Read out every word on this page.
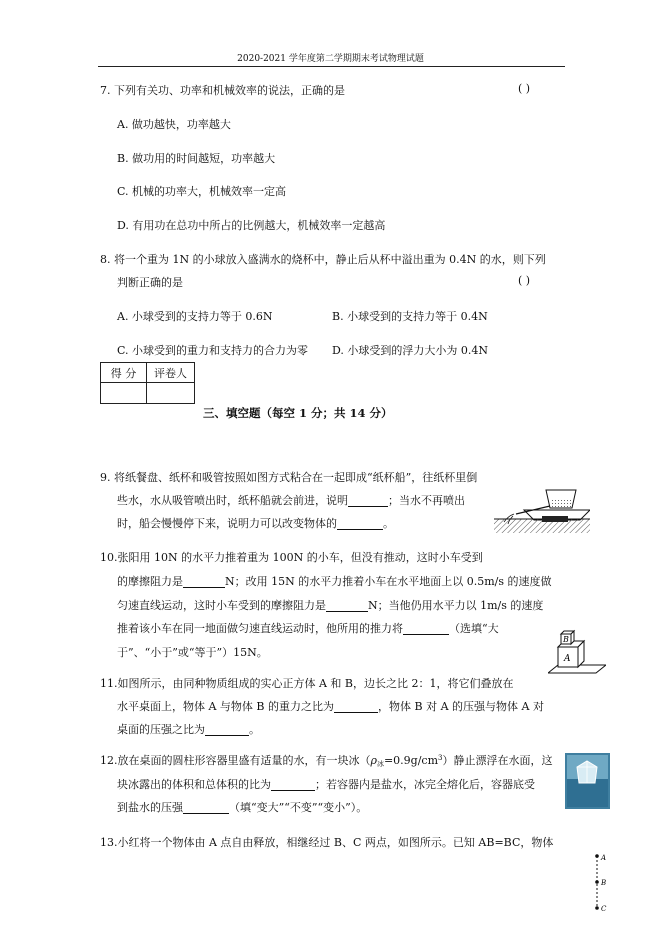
2020-2021 学年度第二学期期末考试物理试题
7. 下列有关功、功率和机械效率的说法，正确的是	( )
A. 做功越快，功率越大
B. 做功用的时间越短，功率越大
C. 机械的功率大，机械效率一定高
D. 有用功在总功中所占的比例越大，机械效率一定越高
8. 将一个重为 1N 的小球放入盛满水的烧杯中，静止后从杯中溢出重为 0.4N 的水，则下列
判断正确的是	( )
A. 小球受到的支持力等于 0.6N	B. 小球受到的支持力等于 0.4N
C. 小球受到的重力和支持力的合力为零 D. 小球受到的浮力大小为 0.4N
得 分	评卷人

三、填空题（每空 1 分；共 14 分）
9. 将纸餐盘、纸杯和吸管按照如图方式粘合在一起即成“纸杯船”，往纸杯里倒
些水，水从吸管喷出时，纸杯船就会前进，说明	；当水不再喷出
时，船会慢慢停下来，说明力可以改变物体的	。
10.张阳用 10N 的水平力推着重为 100N 的小车，但没有推动，这时小车受到
的摩擦阻力是	N；改用 15N 的水平力推着小车在水平地面上以 0.5m/s 的速度做
匀速直线运动，这时小车受到的摩擦阻力是	N；当他仍用水平力以 1m/s 的速度
推着该小车在同一地面做匀速直线运动时，他所用的推力将	（选填“大
于”、“小于”或“等于”）15N。
11.如图所示，由同种物质组成的实心正方体 A 和 B，边长之比 2：1，将它们叠放在
水平桌面上，物体 A 与物体 B 的重力之比为	，物体 B 对 A 的压强与物体 A 对
桌面的压强之比为	。
B
A
12.放在桌面的圆柱形容器里盛有适量的水，有一块冰$(\rho_冰=0.9g/cm^3)$静止漂浮在水面，这
块冰露出的体积和总体积的比为	；若容器内是盐水，冰完全熔化后，容器底受
到盐水的压强	（填“变大”“不变”“变小”）。
13.小红将一个物体由 A 点自由释放，相继经过 B、C 两点，如图所示。已知 AB=BC，物体
A
B
C
